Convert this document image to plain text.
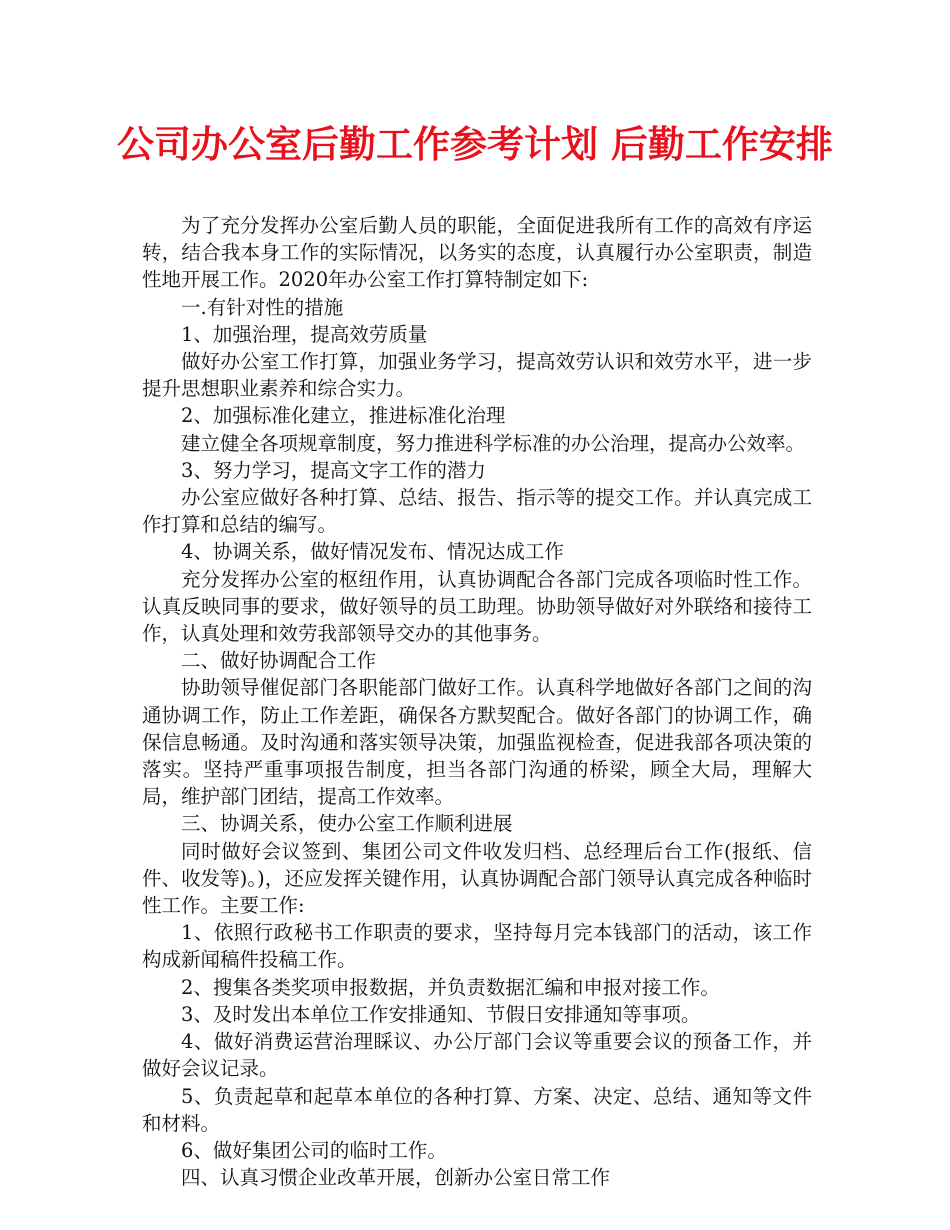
公司办公室后勤工作参考计划 后勤工作安排

为了充分发挥办公室后勤人员的职能，全面促进我所有工作的高效有序运转，结合我本身工作的实际情况，以务实的态度，认真履行办公室职责，制造性地开展工作。2020年办公室工作打算特制定如下:

一.有针对性的措施

1、加强治理，提高效劳质量

做好办公室工作打算，加强业务学习，提高效劳认识和效劳水平，进一步提升思想职业素养和综合实力。

2、加强标准化建立，推进标准化治理

建立健全各项规章制度，努力推进科学标准的办公治理，提高办公效率。

3、努力学习，提高文字工作的潜力

办公室应做好各种打算、总结、报告、指示等的提交工作。并认真完成工作打算和总结的编写。

4、协调关系，做好情况发布、情况达成工作

充分发挥办公室的枢纽作用，认真协调配合各部门完成各项临时性工作。认真反映同事的要求，做好领导的员工助理。协助领导做好对外联络和接待工作，认真处理和效劳我部领导交办的其他事务。

二、做好协调配合工作

协助领导催促部门各职能部门做好工作。认真科学地做好各部门之间的沟通协调工作，防止工作差距，确保各方默契配合。做好各部门的协调工作，确保信息畅通。及时沟通和落实领导决策，加强监视检查，促进我部各项决策的落实。坚持严重事项报告制度，担当各部门沟通的桥梁，顾全大局，理解大局，维护部门团结，提高工作效率。

三、协调关系，使办公室工作顺利进展

同时做好会议签到、集团公司文件收发归档、总经理后台工作(报纸、信件、收发等)。)，还应发挥关键作用，认真协调配合部门领导认真完成各种临时性工作。主要工作:

1、依照行政秘书工作职责的要求，坚持每月完本钱部门的活动，该工作构成新闻稿件投稿工作。

2、搜集各类奖项申报数据，并负责数据汇编和申报对接工作。

3、及时发出本单位工作安排通知、节假日安排通知等事项。

4、做好消费运营治理睬议、办公厅部门会议等重要会议的预备工作，并做好会议记录。

5、负责起草和起草本单位的各种打算、方案、决定、总结、通知等文件和材料。

6、做好集团公司的临时工作。

四、认真习惯企业改革开展，创新办公室日常工作
